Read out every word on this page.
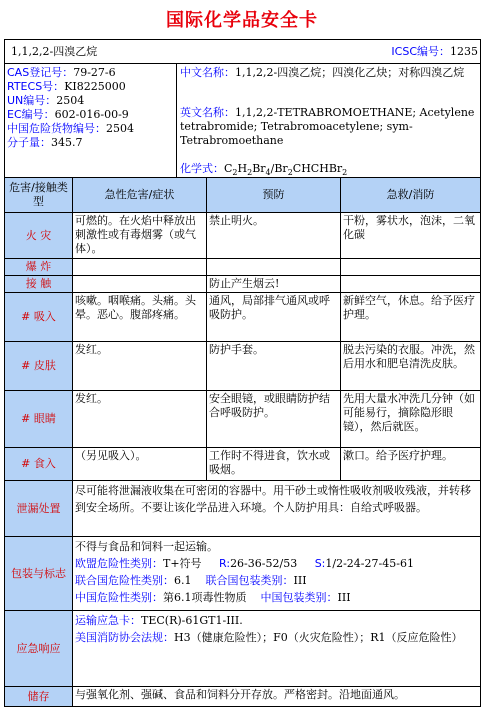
国际化学品安全卡
1,1,2,2-四溴乙烷	ICSC编号：1235

CAS登记号：79-27-6
RTECS号：KI8225000
UN编号：2504
EC编号：602-016-00-9
中国危险货物编号：2504
分子量：345.7

中文名称：1,1,2,2-四溴乙烷；四溴化乙炔；对称四溴乙烷
英文名称：1,1,2,2-TETRABROMOETHANE; Acetylene tetrabromide; Tetrabromoacetylene; sym-Tetrabromoethane
化学式：$C_2H_2Br_4/Br_2CHCHBr_2$
危害/接触类型	急性危害/症状	预防	急救/消防
火 灾	可燃的。在火焰中释放出刺激性或有毒烟雾（或气体）。	禁止明火。	干粉，雾状水，泡沫，二氧化碳
爆 炸			
接 触		防止产生烟云!	
# 吸入	咳嗽。咽喉痛。头痛。头晕。恶心。腹部疼痛。	通风，局部排气通风或呼吸防护。	新鲜空气，休息。给予医疗护理。
# 皮肤	发红。	防护手套。	脱去污染的衣服。冲洗，然后用水和肥皂清洗皮肤。
# 眼睛	发红。	安全眼镜，或眼睛防护结合呼吸防护。	先用大量水冲洗几分钟（如可能易行，摘除隐形眼镜），然后就医。
# 食入	（另见吸入）。	工作时不得进食，饮水或吸烟。	漱口。给予医疗护理。
泄漏处置	尽可能将泄漏液收集在可密闭的容器中。用干砂土或惰性吸收剂吸收残液，并转移到安全场所。不要让该化学品进入环境。个人防护用具：自给式呼吸器。		
包装与标志	不得与食品和饲料一起运输。
欧盟危险性类别：T+符号 R:26-36-52/53 S:1/2-24-27-45-61
联合国危险性类别：6.1 联合国包装类别：III
中国危险性类别：第6.1项毒性物质 中国包装类别：III		

应急响应	运输应急卡：TEC(R)-61GT1-III.
美国消防协会法规：H3（健康危险性）；F0（火灾危险性）；R1（反应危险性）		

储存	与强氧化剂、强碱、食品和饲料分开存放。严格密封。沿地面通风。		
